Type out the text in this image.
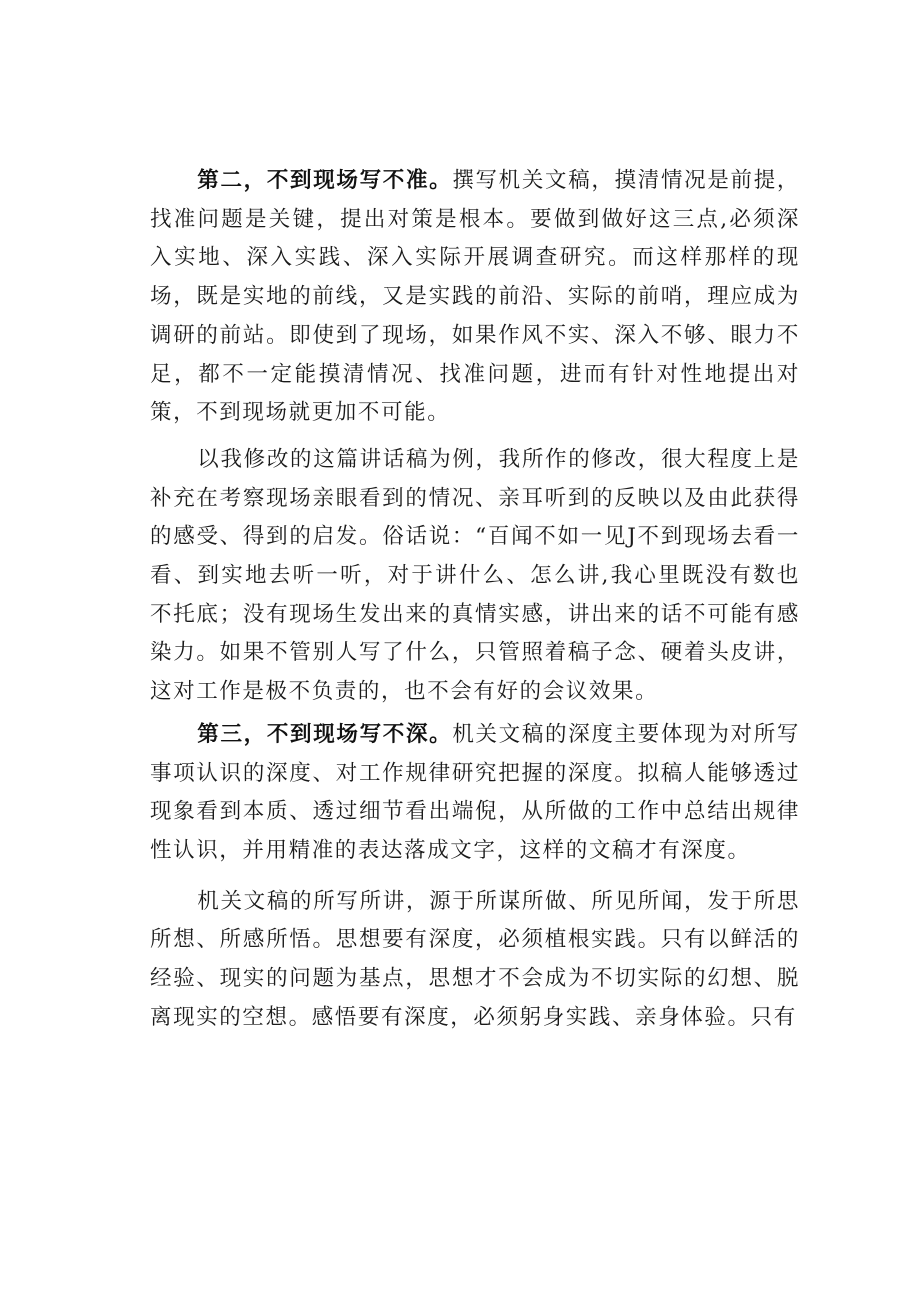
第二，不到现场写不准。撰写机关文稿，摸清情况是前提，找准问题是关键，提出对策是根本。要做到做好这三点,必须深入实地、深入实践、深入实际开展调查研究。而这样那样的现场，既是实地的前线，又是实践的前沿、实际的前哨，理应成为调研的前站。即使到了现场，如果作风不实、深入不够、眼力不足，都不一定能摸清情况、找准问题，进而有针对性地提出对策，不到现场就更加不可能。

以我修改的这篇讲话稿为例，我所作的修改，很大程度上是补充在考察现场亲眼看到的情况、亲耳听到的反映以及由此获得的感受、得到的启发。俗话说：“百闻不如一见J不到现场去看一看、到实地去听一听，对于讲什么、怎么讲,我心里既没有数也不托底；没有现场生发出来的真情实感，讲出来的话不可能有感染力。如果不管别人写了什么，只管照着稿子念、硬着头皮讲，这对工作是极不负责的，也不会有好的会议效果。

第三，不到现场写不深。机关文稿的深度主要体现为对所写事项认识的深度、对工作规律研究把握的深度。拟稿人能够透过现象看到本质、透过细节看出端倪，从所做的工作中总结出规律性认识，并用精准的表达落成文字，这样的文稿才有深度。

机关文稿的所写所讲，源于所谋所做、所见所闻，发于所思所想、所感所悟。思想要有深度，必须植根实践。只有以鲜活的经验、现实的问题为基点，思想才不会成为不切实际的幻想、脱离现实的空想。感悟要有深度，必须躬身实践、亲身体验。只有
